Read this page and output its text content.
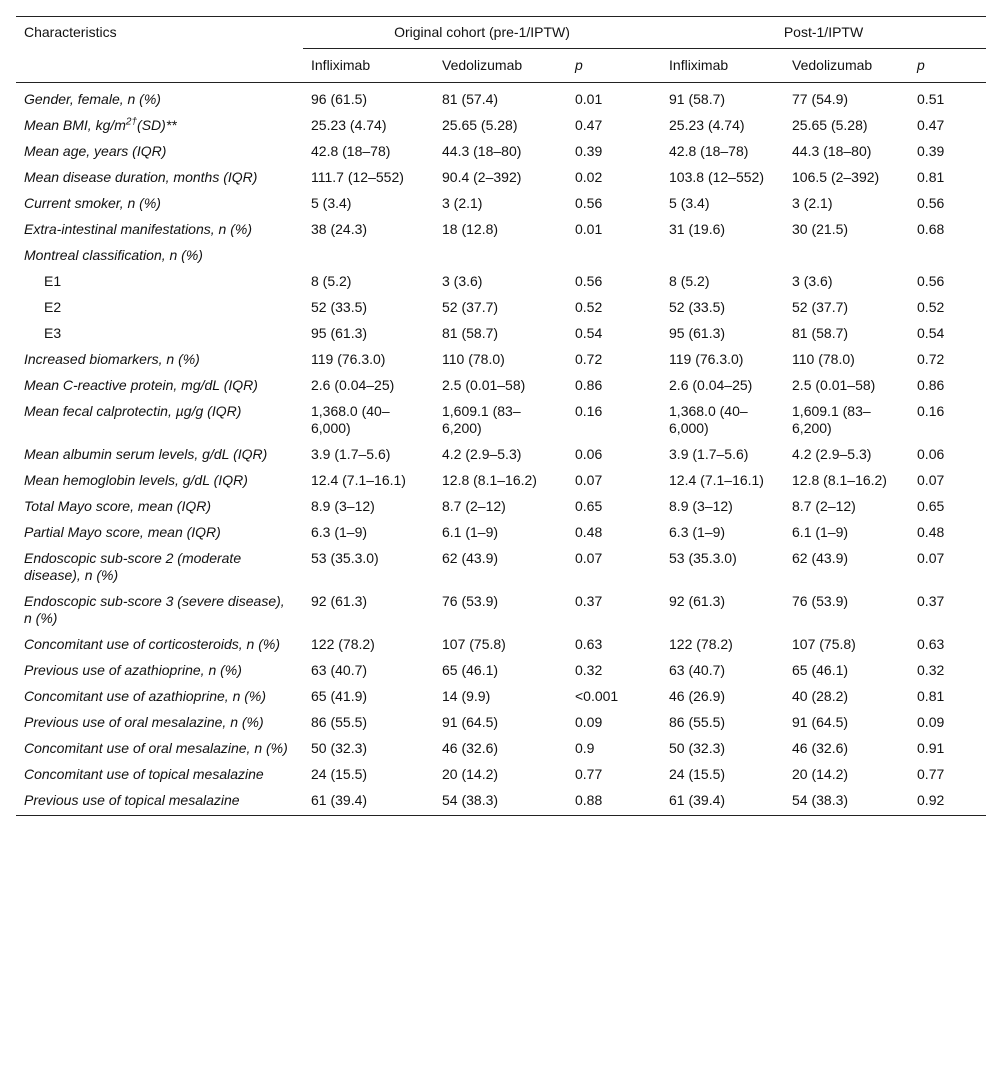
Characteristics	Original cohort (pre-1/IPTW)			Post-1/IPTW		
	Infliximab	Vedolizumab	p	Infliximab	Vedolizumab	p
Gender, female, n (%)	96 (61.5)	81 (57.4)	0.01	91 (58.7)	77 (54.9)	0.51
Mean BMI, $kg/m^{2\dagger}(SD)**$	25.23 (4.74)	25.65 (5.28)	0.47	25.23 (4.74)	25.65 (5.28)	0.47
Mean age, years (IQR)	42.8 (18–78)	44.3 (18–80)	0.39	42.8 (18–78)	44.3 (18–80)	0.39
Mean disease duration, months (IQR)	111.7 (12–552)	90.4 (2–392)	0.02	103.8 (12–552)	106.5 (2–392)	0.81
Current smoker, n (%)	5 (3.4)	3 (2.1)	0.56	5 (3.4)	3 (2.1)	0.56
Extra-intestinal manifestations, n (%)	38 (24.3)	18 (12.8)	0.01	31 (19.6)	30 (21.5)	0.68
Montreal classification, n (%)						
E1	8 (5.2)	3 (3.6)	0.56	8 (5.2)	3 (3.6)	0.56
E2	52 (33.5)	52 (37.7)	0.52	52 (33.5)	52 (37.7)	0.52
E3	95 (61.3)	81 (58.7)	0.54	95 (61.3)	81 (58.7)	0.54
Increased biomarkers, n (%)	119 (76.3.0)	110 (78.0)	0.72	119 (76.3.0)	110 (78.0)	0.72
Mean C-reactive protein, mg/dL (IQR)	2.6 (0.04–25)	2.5 (0.01–58)	0.86	2.6 (0.04–25)	2.5 (0.01–58)	0.86
Mean fecal calprotectin, µg/g (IQR)	1,368.0 (40–6,000)	1,609.1 (83–6,200)	0.16	1,368.0 (40–6,000)	1,609.1 (83–6,200)	0.16
Mean albumin serum levels, g/dL (IQR)	3.9 (1.7–5.6)	4.2 (2.9–5.3)	0.06	3.9 (1.7–5.6)	4.2 (2.9–5.3)	0.06
Mean hemoglobin levels, g/dL (IQR)	12.4 (7.1–16.1)	12.8 (8.1–16.2)	0.07	12.4 (7.1–16.1)	12.8 (8.1–16.2)	0.07
Total Mayo score, mean (IQR)	8.9 (3–12)	8.7 (2–12)	0.65	8.9 (3–12)	8.7 (2–12)	0.65
Partial Mayo score, mean (IQR)	6.3 (1–9)	6.1 (1–9)	0.48	6.3 (1–9)	6.1 (1–9)	0.48
Endoscopic sub-score 2 (moderate disease), n (%)	53 (35.3.0)	62 (43.9)	0.07	53 (35.3.0)	62 (43.9)	0.07
Endoscopic sub-score 3 (severe disease), n (%)	92 (61.3)	76 (53.9)	0.37	92 (61.3)	76 (53.9)	0.37
Concomitant use of corticosteroids, n (%)	122 (78.2)	107 (75.8)	0.63	122 (78.2)	107 (75.8)	0.63
Previous use of azathioprine, n (%)	63 (40.7)	65 (46.1)	0.32	63 (40.7)	65 (46.1)	0.32
Concomitant use of azathioprine, n (%)	65 (41.9)	14 (9.9)	<0.001	46 (26.9)	40 (28.2)	0.81
Previous use of oral mesalazine, n (%)	86 (55.5)	91 (64.5)	0.09	86 (55.5)	91 (64.5)	0.09
Concomitant use of oral mesalazine, n (%)	50 (32.3)	46 (32.6)	0.9	50 (32.3)	46 (32.6)	0.91
Concomitant use of topical mesalazine	24 (15.5)	20 (14.2)	0.77	24 (15.5)	20 (14.2)	0.77
Previous use of topical mesalazine	61 (39.4)	54 (38.3)	0.88	61 (39.4)	54 (38.3)	0.92
